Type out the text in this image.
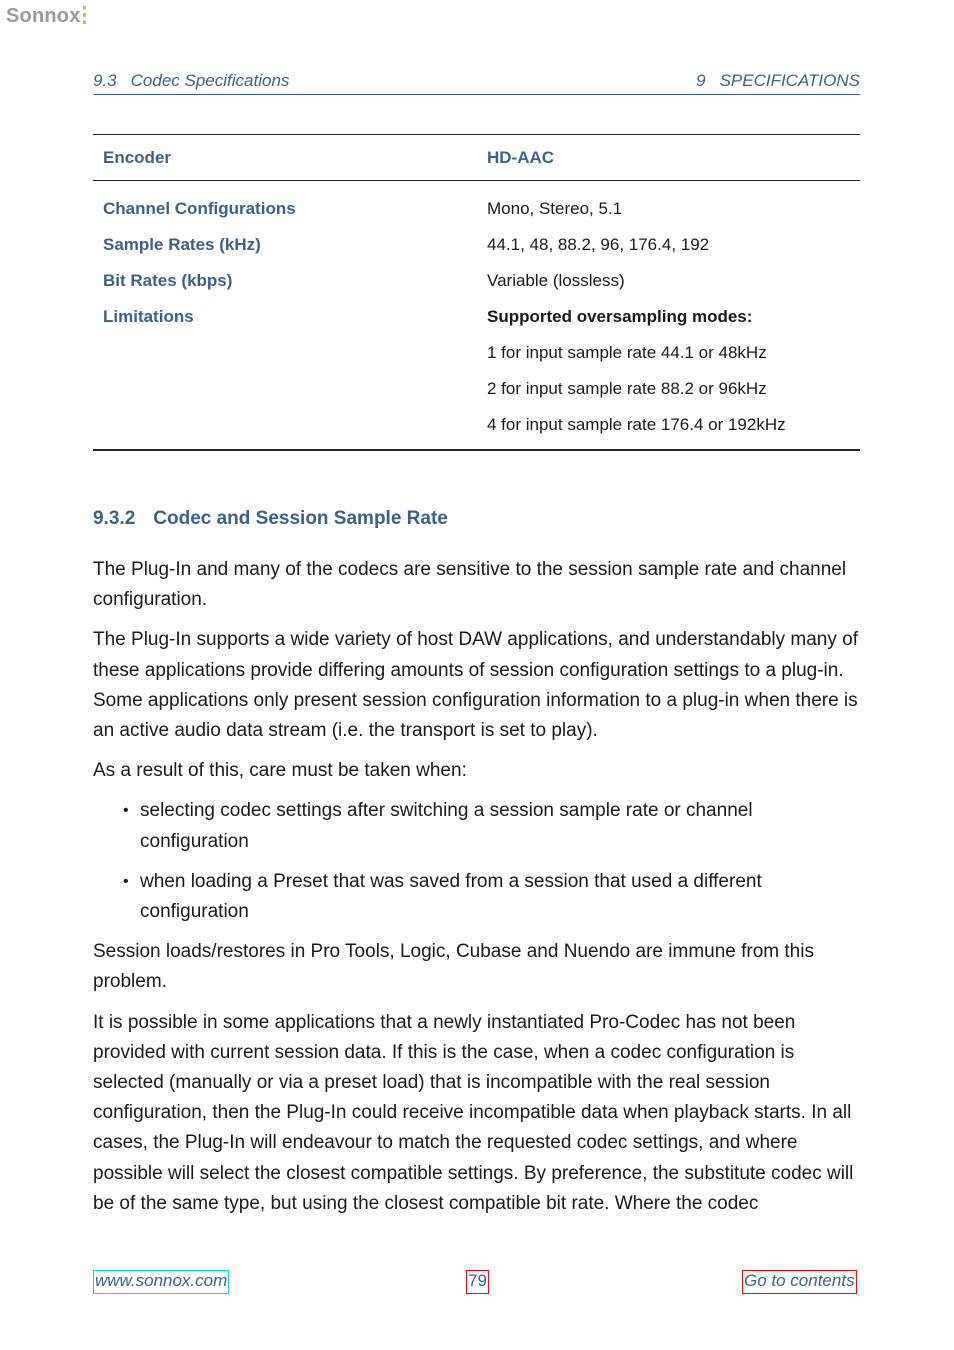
Sonnox
9.3 Codec Specifications	9 SPECIFICATIONS
Encoder	HD-AAC
Channel Configurations	Mono, Stereo, 5.1
Sample Rates (kHz)	44.1, 48, 88.2, 96, 176.4, 192
Bit Rates (kbps)	Variable (lossless)
Limitations	Supported oversampling modes:
	1 for input sample rate 44.1 or 48kHz
	2 for input sample rate 88.2 or 96kHz
	4 for input sample rate 176.4 or 192kHz
9.3.2 Codec and Session Sample Rate

The Plug-In and many of the codecs are sensitive to the session sample rate and channel configuration.

The Plug-In supports a wide variety of host DAW applications, and understandably many of these applications provide differing amounts of session configuration settings to a plug-in. Some applications only present session configuration information to a plug-in when there is an active audio data stream (i.e. the transport is set to play).

As a result of this, care must be taken when:

• selecting codec settings after switching a session sample rate or channel configuration
• when loading a Preset that was saved from a session that used a different configuration

Session loads/restores in Pro Tools, Logic, Cubase and Nuendo are immune from this problem.

It is possible in some applications that a newly instantiated Pro-Codec has not been provided with current session data. If this is the case, when a codec configuration is selected (manually or via a preset load) that is incompatible with the real session configuration, then the Plug-In could receive incompatible data when playback starts. In all cases, the Plug-In will endeavour to match the requested codec settings, and where possible will select the closest compatible settings. By preference, the substitute codec will be of the same type, but using the closest compatible bit rate. Where the codec

www.sonnox.com	79	Go to contents
